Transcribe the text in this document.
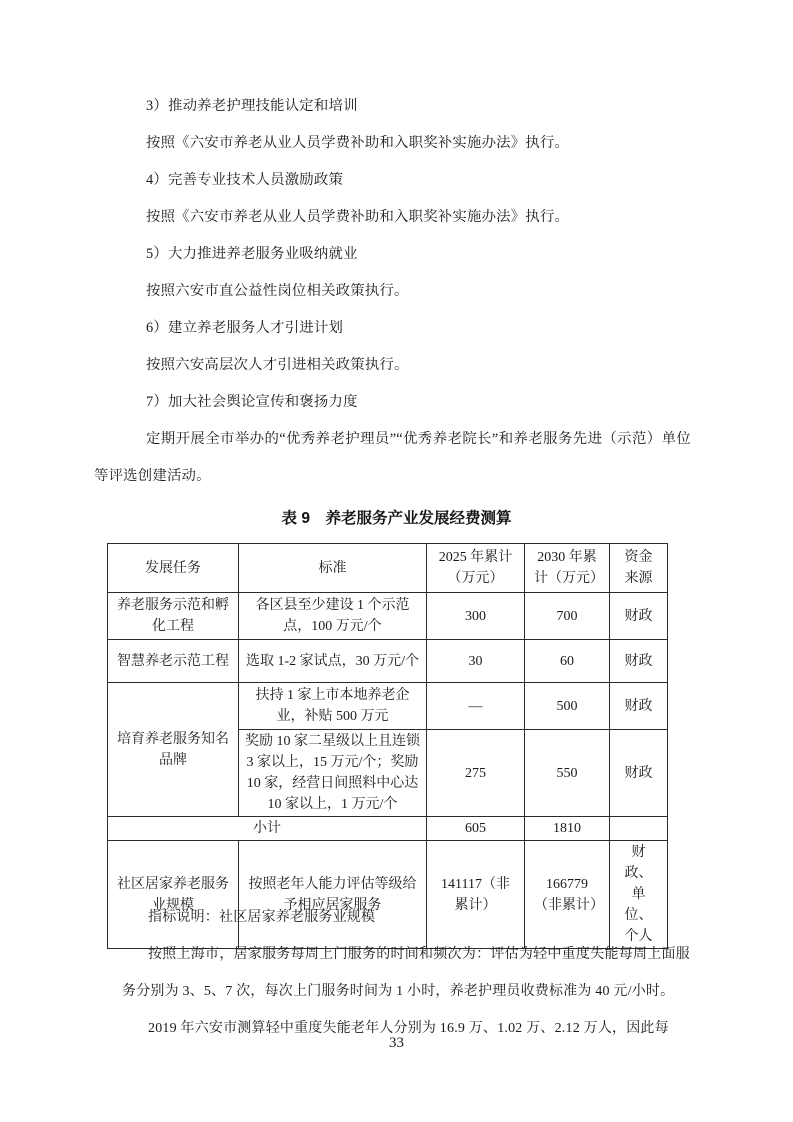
3）推动养老护理技能认定和培训

按照《六安市养老从业人员学费补助和入职奖补实施办法》执行。

4）完善专业技术人员激励政策

按照《六安市养老从业人员学费补助和入职奖补实施办法》执行。

5）大力推进养老服务业吸纳就业

按照六安市直公益性岗位相关政策执行。

6）建立养老服务人才引进计划

按照六安高层次人才引进相关政策执行。

7）加大社会舆论宣传和褒扬力度

定期开展全市举办的“优秀养老护理员”“优秀养老院长”和养老服务先进（示范）单位等评选创建活动。

表 9　养老服务产业发展经费测算
发展任务	标准	2025 年累计（万元）	2030 年累计（万元）	资金来源
养老服务示范和孵化工程	各区县至少建设 1 个示范点，100 万元/个	300	700	财政
智慧养老示范工程	选取 1-2 家试点，30 万元/个	30	60	财政
培育养老服务知名品牌	扶持 1 家上市本地养老企业，补贴 500 万元	—	500	财政
	奖励 10 家二星级以上且连锁 3 家以上，15 万元/个；奖励 10 家，经营日间照料中心达 10 家以上，1 万元/个	275	550	财政
小计		605	1810	
社区居家养老服务业规模	按照老年人能力评估等级给予相应居家服务	141117（非累计）	166779（非累计）	财政、单位、个人

指标说明：社区居家养老服务业规模

按照上海市，居家服务每周上门服务的时间和频次为：评估为轻中重度失能每周上面服务分别为 3、5、7 次，每次上门服务时间为 1 小时，养老护理员收费标准为 40 元/小时。

2019 年六安市测算轻中重度失能老年人分别为 16.9 万、1.02 万、2.12 万人，因此每

33
